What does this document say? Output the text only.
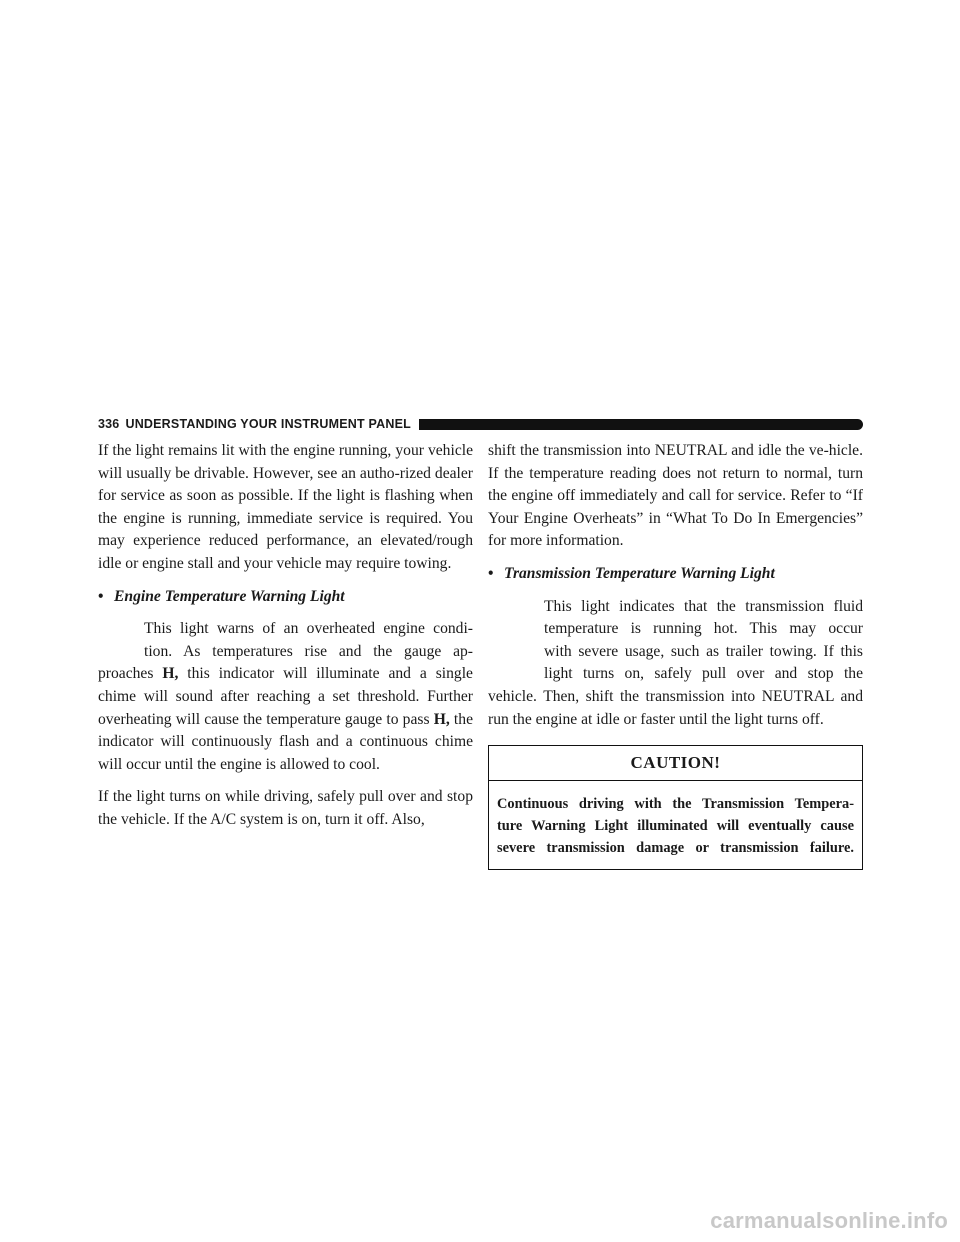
336 UNDERSTANDING YOUR INSTRUMENT PANEL

If the light remains lit with the engine running, your vehicle will usually be drivable. However, see an autho-rized dealer for service as soon as possible. If the light is flashing when the engine is running, immediate service is required. You may experience reduced performance, an elevated/rough idle or engine stall and your vehicle may require towing.

• Engine Temperature Warning Light
This light warns of an overheated engine condi-
tion. As temperatures rise and the gauge ap-
proaches H, this indicator will illuminate and a single chime will sound after reaching a set threshold. Further overheating will cause the temperature gauge to pass H, the indicator will continuously flash and a continuous chime will occur until the engine is allowed to cool.

If the light turns on while driving, safely pull over and stop the vehicle. If the A/C system is on, turn it off. Also,

shift the transmission into NEUTRAL and idle the ve-hicle. If the temperature reading does not return to normal, turn the engine off immediately and call for service. Refer to “If Your Engine Overheats” in “What To Do In Emergencies” for more information.

• Transmission Temperature Warning Light
This light indicates that the transmission fluid
temperature is running hot. This may occur
with severe usage, such as trailer towing. If this
light turns on, safely pull over and stop the
vehicle. Then, shift the transmission into NEUTRAL and run the engine at idle or faster until the light turns off.
CAUTION!
Continuous driving with the Transmission Tempera-
ture Warning Light illuminated will eventually cause
severe transmission damage or transmission failure.
carmanualsonline.info
